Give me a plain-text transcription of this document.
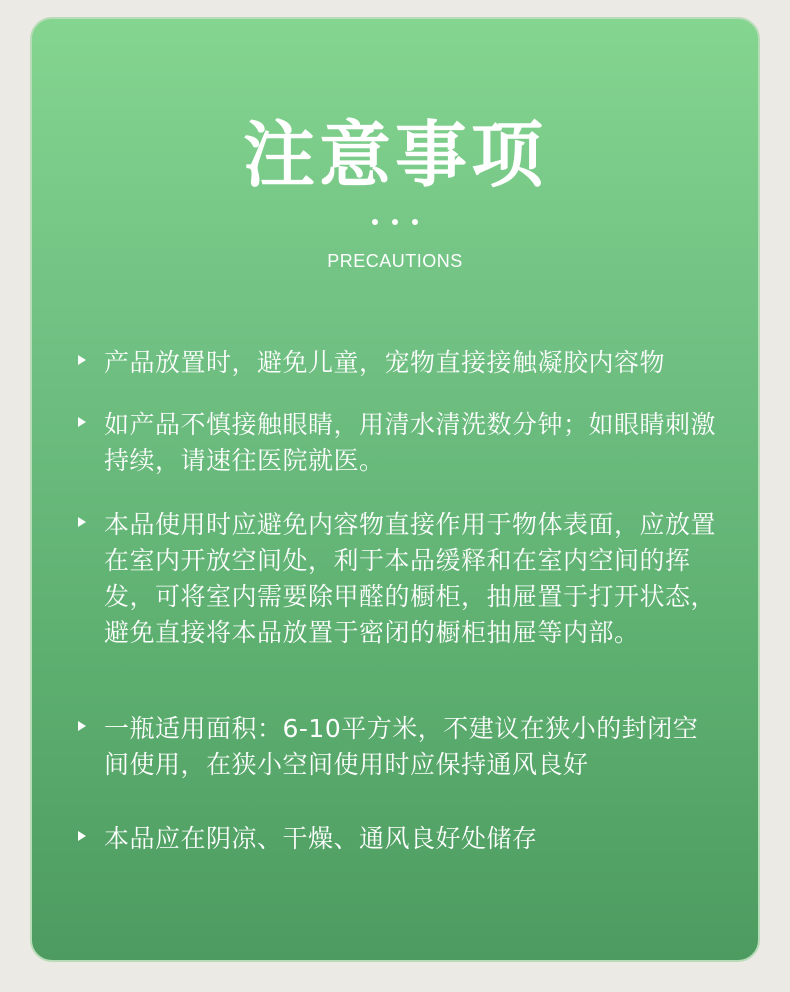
注意事项
PRECAUTIONS
产品放置时，避免儿童，宠物直接接触凝胶内容物
如产品不慎接触眼睛，用清水清洗数分钟；如眼睛刺激持续，请速往医院就医。
本品使用时应避免内容物直接作用于物体表面，应放置在室内开放空间处，利于本品缓释和在室内空间的挥发，可将室内需要除甲醛的橱柜，抽屉置于打开状态，避免直接将本品放置于密闭的橱柜抽屉等内部。
一瓶适用面积：6-10平方米，不建议在狭小的封闭空间使用，在狭小空间使用时应保持通风良好
本品应在阴凉、干燥、通风良好处储存
